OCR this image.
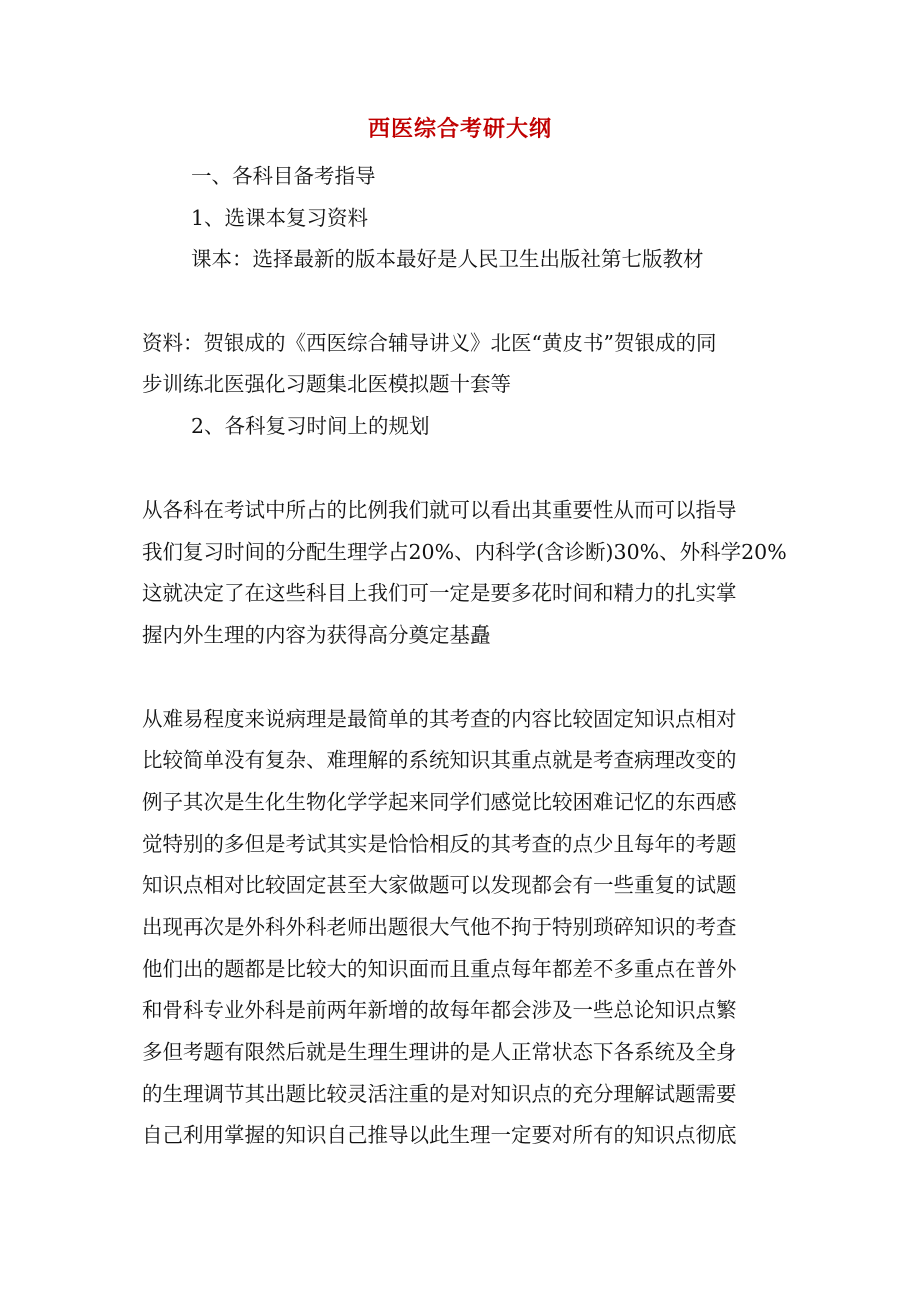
西医综合考研大纲
一、各科目备考指导
1、选课本复习资料
课本：选择最新的版本最好是人民卫生出版社第七版教材
资料：贺银成的《西医综合辅导讲义》北医“黄皮书”贺银成的同
步训练北医强化习题集北医模拟题十套等
2、各科复习时间上的规划
从各科在考试中所占的比例我们就可以看出其重要性从而可以指导
我们复习时间的分配生理学占20%、内科学(含诊断)30%、外科学20%
这就决定了在这些科目上我们可一定是要多花时间和精力的扎实掌
握内外生理的内容为获得高分奠定基矗
从难易程度来说病理是最简单的其考查的内容比较固定知识点相对
比较简单没有复杂、难理解的系统知识其重点就是考查病理改变的
例子其次是生化生物化学学起来同学们感觉比较困难记忆的东西感
觉特别的多但是考试其实是恰恰相反的其考查的点少且每年的考题
知识点相对比较固定甚至大家做题可以发现都会有一些重复的试题
出现再次是外科外科老师出题很大气他不拘于特别琐碎知识的考查
他们出的题都是比较大的知识面而且重点每年都差不多重点在普外
和骨科专业外科是前两年新增的故每年都会涉及一些总论知识点繁
多但考题有限然后就是生理生理讲的是人正常状态下各系统及全身
的生理调节其出题比较灵活注重的是对知识点的充分理解试题需要
自己利用掌握的知识自己推导以此生理一定要对所有的知识点彻底
